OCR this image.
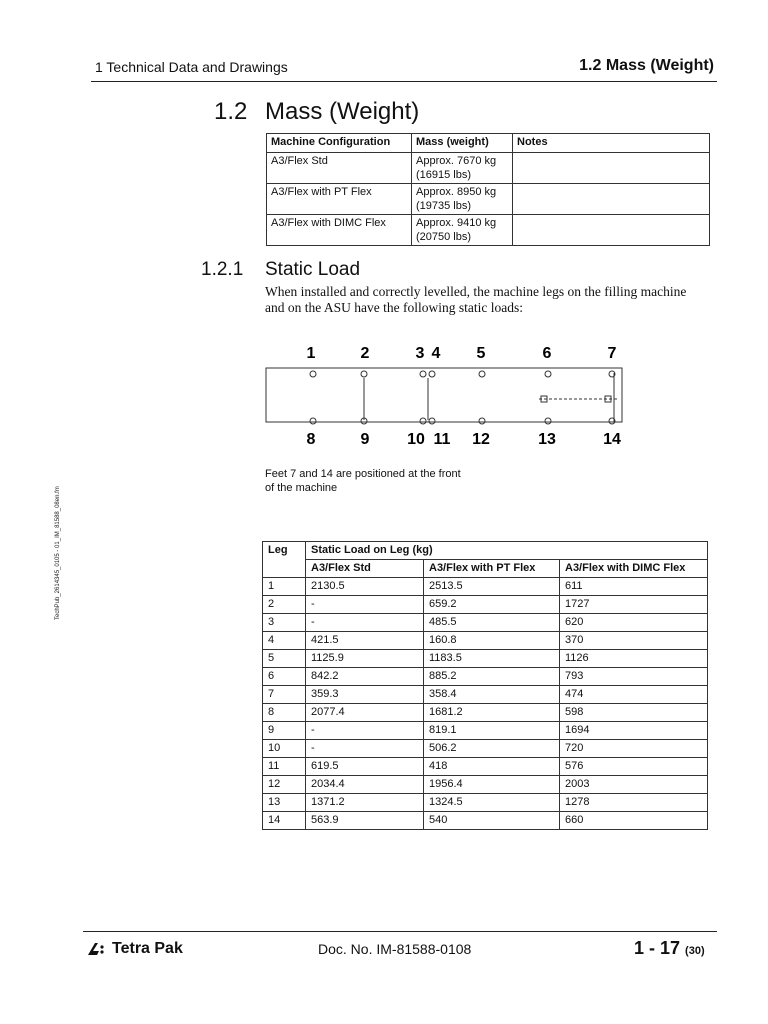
1 Technical Data and Drawings	1.2 Mass (Weight)
1.2 Mass (Weight)
Machine Configuration	Mass (weight)	Notes
A3/Flex Std	Approx. 7670 kg
(16915 lbs)	
A3/Flex with PT Flex	Approx. 8950 kg
(19735 lbs)	
A3/Flex with DIMC Flex	Approx. 9410 kg
(20750 lbs)	
1.2.1 Static Load
When installed and correctly levelled, the machine legs on the filling machine and on the ASU have the following static loads:
1	2	3 4 5	6	7
8	9 10 11 12	13	14
Feet 7 and 14 are positioned at the front of the machine
Leg	Static Load on Leg (kg)		
	A3/Flex Std	A3/Flex with PT Flex	A3/Flex with DIMC Flex
1	2130.5	2513.5	611
2	-	659.2	1727
3	-	485.5	620
4	421.5	160.8	370
5	1125.9	1183.5	1126
6	842.2	885.2	793
7	359.3	358.4	474
8	2077.4	1681.2	598
9	-	819.1	1694
10	-	506.2	720
11	619.5	418	576
12	2034.4	1956.4	2003
13	1371.2	1324.5	1278
14	563.9	540	660
TechPub_2614345_0105 - 01_IM_81588_08en.fm
Tetra Pak	Doc. No. IM-81588-0108	1 - 17 (30)
